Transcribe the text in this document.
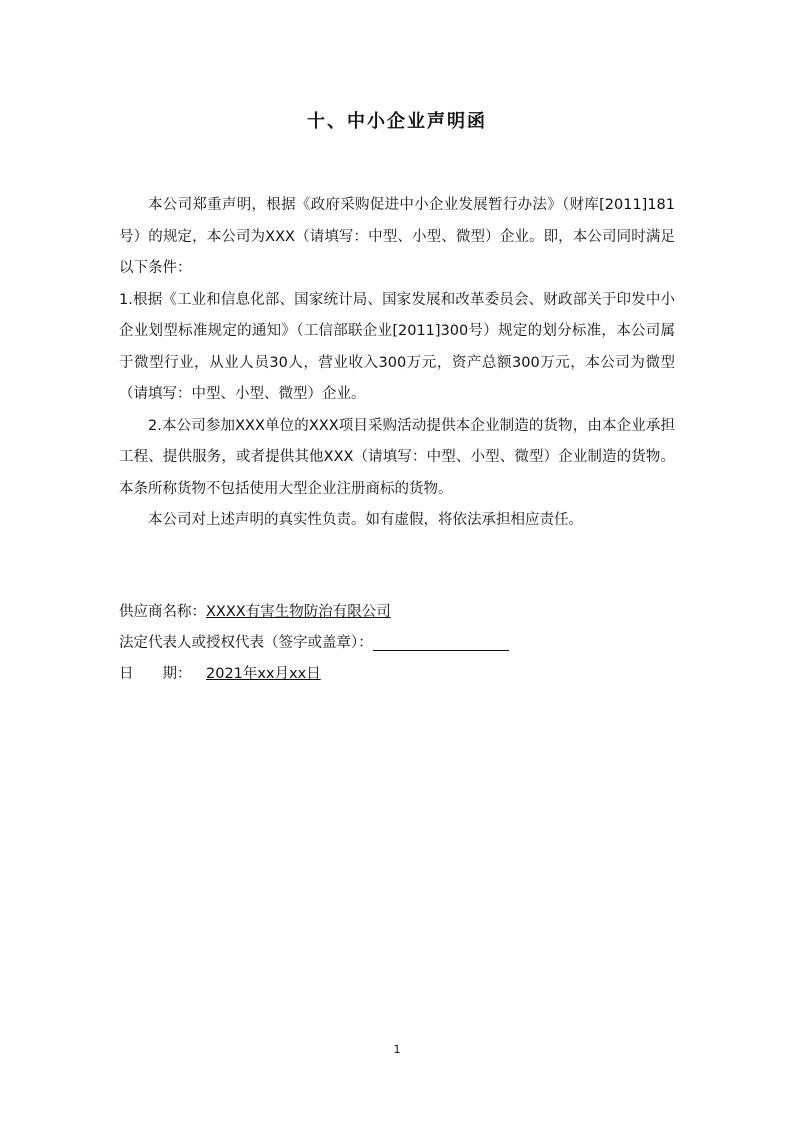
十、中小企业声明函

本公司郑重声明，根据《政府采购促进中小企业发展暂行办法》（财库[2011]181号）的规定，本公司为XXX（请填写：中型、小型、微型）企业。即，本公司同时满足以下条件：

1.根据《工业和信息化部、国家统计局、国家发展和改革委员会、财政部关于印发中小企业划型标准规定的通知》（工信部联企业[2011]300号）规定的划分标准，本公司属于微型行业，从业人员30人，营业收入300万元，资产总额300万元，本公司为微型（请填写：中型、小型、微型）企业。

2.本公司参加XXX单位的XXX项目采购活动提供本企业制造的货物，由本企业承担工程、提供服务，或者提供其他XXX（请填写：中型、小型、微型）企业制造的货物。本条所称货物不包括使用大型企业注册商标的货物。

本公司对上述声明的真实性负责。如有虚假，将依法承担相应责任。

供应商名称：XXXX有害生物防治有限公司
法定代表人或授权代表（签字或盖章）：
日　　期： 2021年xx月xx日
1
